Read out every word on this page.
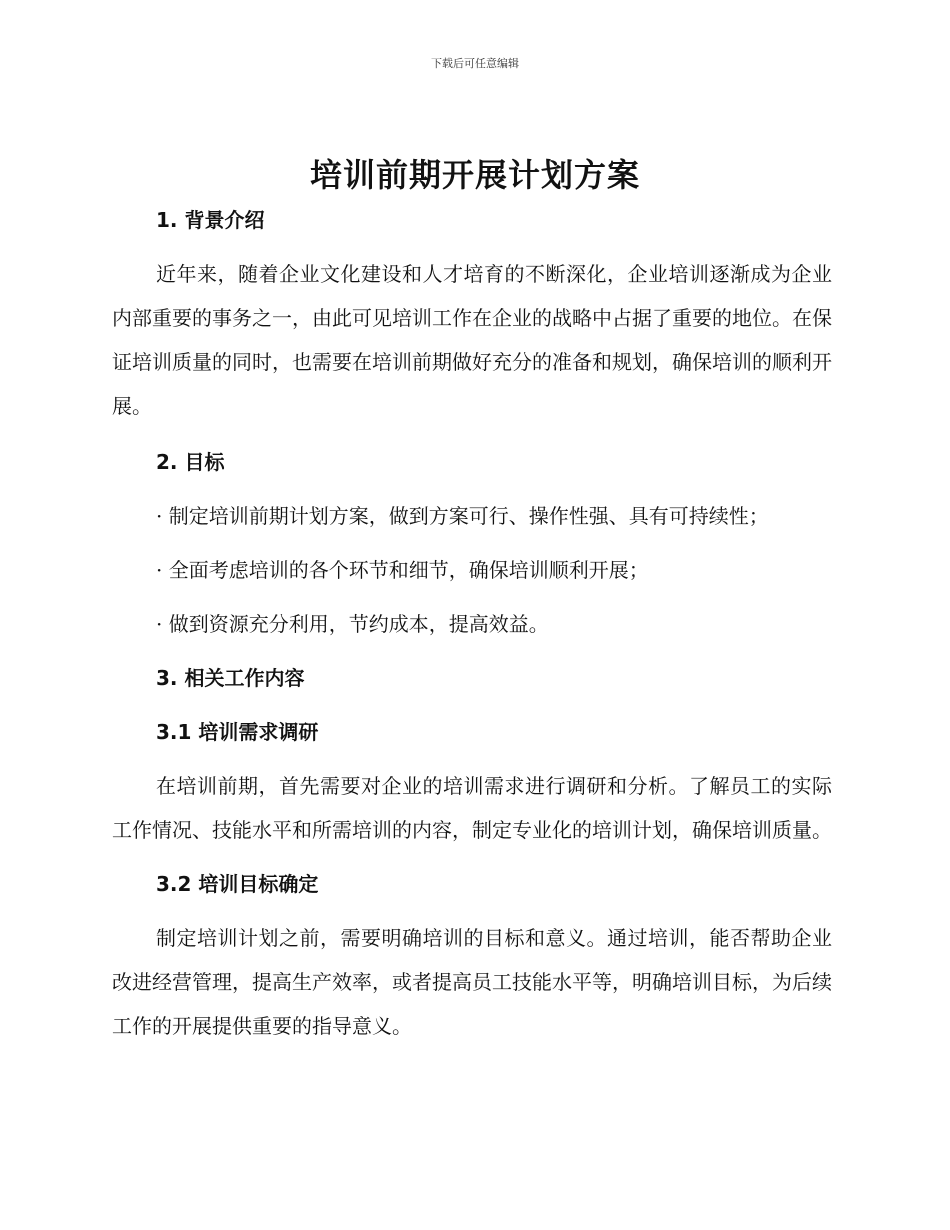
下载后可任意编辑
培训前期开展计划方案
1. 背景介绍

近年来，随着企业文化建设和人才培育的不断深化，企业培训逐渐成为企业内部重要的事务之一，由此可见培训工作在企业的战略中占据了重要的地位。在保证培训质量的同时，也需要在培训前期做好充分的准备和规划，确保培训的顺利开展。

2. 目标

· 制定培训前期计划方案，做到方案可行、操作性强、具有可持续性；

· 全面考虑培训的各个环节和细节，确保培训顺利开展；

· 做到资源充分利用，节约成本，提高效益。

3. 相关工作内容
3.1 培训需求调研

在培训前期，首先需要对企业的培训需求进行调研和分析。了解员工的实际工作情况、技能水平和所需培训的内容，制定专业化的培训计划，确保培训质量。

3.2 培训目标确定

制定培训计划之前，需要明确培训的目标和意义。通过培训，能否帮助企业改进经营管理，提高生产效率，或者提高员工技能水平等，明确培训目标，为后续工作的开展提供重要的指导意义。
